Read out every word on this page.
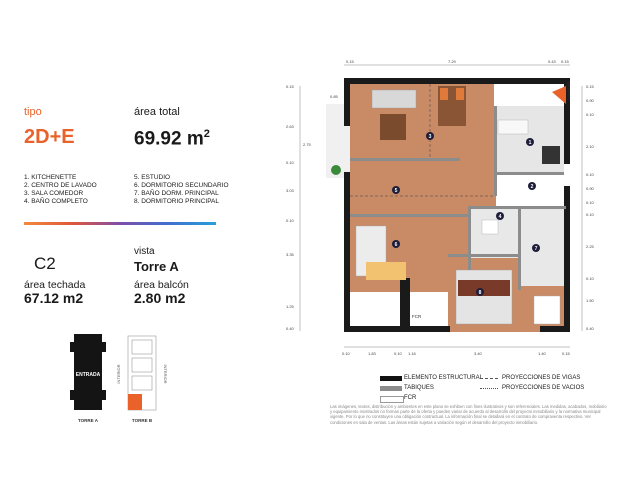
tipo	área total
2D+E	69.92 $m^2$
1. KITCHENETTE
2. CENTRO DE LAVADO
3. SALA COMEDOR
4. BAÑO COMPLETO
5. ESTUDIO
6. DORMITORIO SECUNDARIO
7. BAÑO DORM. PRINCIPAL
8. DORMITORIO PRINCIPAL
C2
vista
Torre A
área techada
67.12 m2
área balcón
2.80 m2
ENTRADA	INTERIOR	INTERIOR
TORRE A	TORRE B
0.15	7.29	0.43 0.15
0.15
0.85
2.63
2.75
0.10
3.03
0.10
3.35
1.25
0.40
0.15
0.90
0.10
2.10
0.10
0.90
0.10
0.10
2.25
0.10
1.50
0.40
0.10	1.83	0.10 1.16	3.40	1.40	0.15
INGRESO
1
2
3
4
5
6
7
8
FCR
ELEMENTO ESTRUCTURAL
TABIQUES
FCR
PROYECCIONES DE VIGAS
PROYECCIONES DE VACIOS
Las imágenes, textos, distribución y ambientes en este plano se exhiben con fines ilustrativos y son referenciales. Las medidas, acabados, mobiliario y equipamiento mostrados no forman parte de la oferta y pueden variar de acuerdo al desarrollo del proyecto inmobiliario y la normativa municipal vigente. Por lo que no constituyen una obligación contractual. La información final se detallará en el contrato de compraventa respectivo. Ver condiciones en sala de ventas. Las áreas están sujetas a variación según el desarrollo del proyecto inmobiliario.
